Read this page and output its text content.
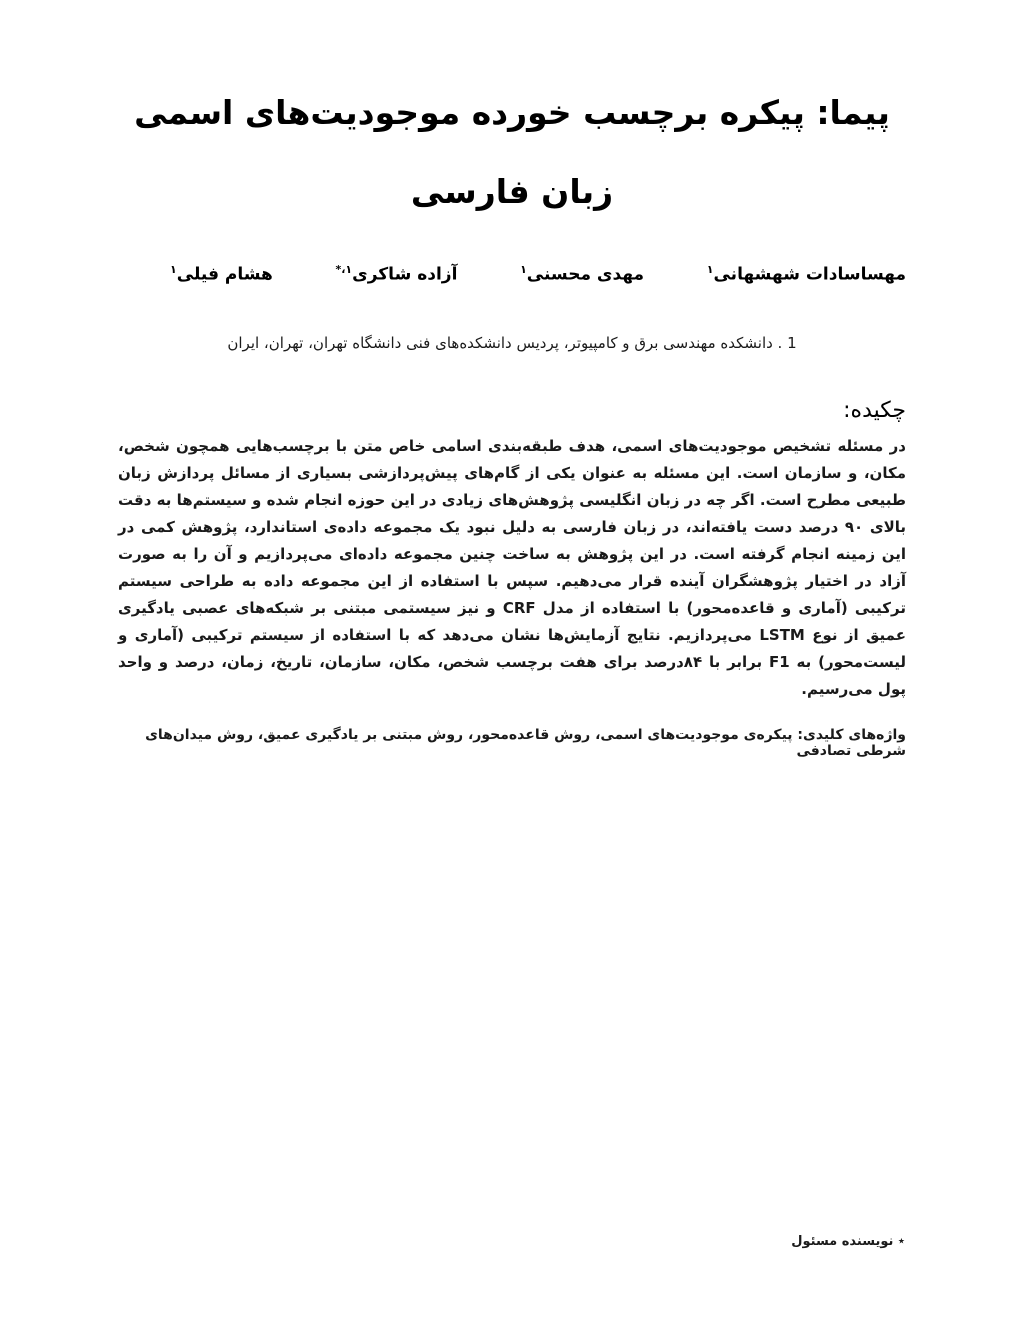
پیما: پیکره برچسب خورده موجودیت‌های اسمی
زبان فارسی
مهساسادات شهشهانی$^۱$
مهدی محسنی$^۱$
آزاده شاکری$^{۱،*}$
هشام فیلی$^۱$
1 . دانشکده مهندسی برق و کامپیوتر، پردیس دانشکده‌های فنی دانشگاه تهران، تهران، ایران
چکیده:
در مسئله تشخیص موجودیت‌های اسمی، هدف طبقه‌بندی اسامی خاص متن با برچسب‌هایی همچون شخص، مکان، و سازمان است. این مسئله به عنوان یکی از گام‌های پیش‌پردازشی بسیاری از مسائل پردازش زبان طبیعی مطرح است. اگر چه در زبان انگلیسی پژوهش‌های زیادی در این حوزه انجام شده و سیستم‌ها به دقت بالای ۹۰ درصد دست یافته‌اند، در زبان فارسی به دلیل نبود یک مجموعه داده‌ی استاندارد، پژوهش کمی در این زمینه انجام گرفته است. در این پژوهش به ساخت چنین مجموعه داده‌ای می‌پردازیم و آن را به صورت آزاد در اختیار پژوهشگران آینده قرار می‌دهیم. سپس با استفاده از این مجموعه داده به طراحی سیستم ترکیبی (آماری و قاعده‌محور) با استفاده از مدل CRF و نیز سیستمی مبتنی بر شبکه‌های عصبی یادگیری عمیق از نوع LSTM می‌پردازیم. نتایج آزمایش‌ها نشان می‌دهد که با استفاده از سیستم ترکیبی (آماری و لیست‌محور) به F1 برابر با ۸۴درصد برای هفت برچسب شخص، مکان، سازمان، تاریخ، زمان، درصد و واحد پول می‌رسیم.
واژه‌های کلیدی: پیکره‌ی موجودیت‌های اسمی، روش قاعده‌محور، روش مبتنی بر یادگیری عمیق، روش میدان‌های شرطی تصادفی
٭ نویسنده مسئول
